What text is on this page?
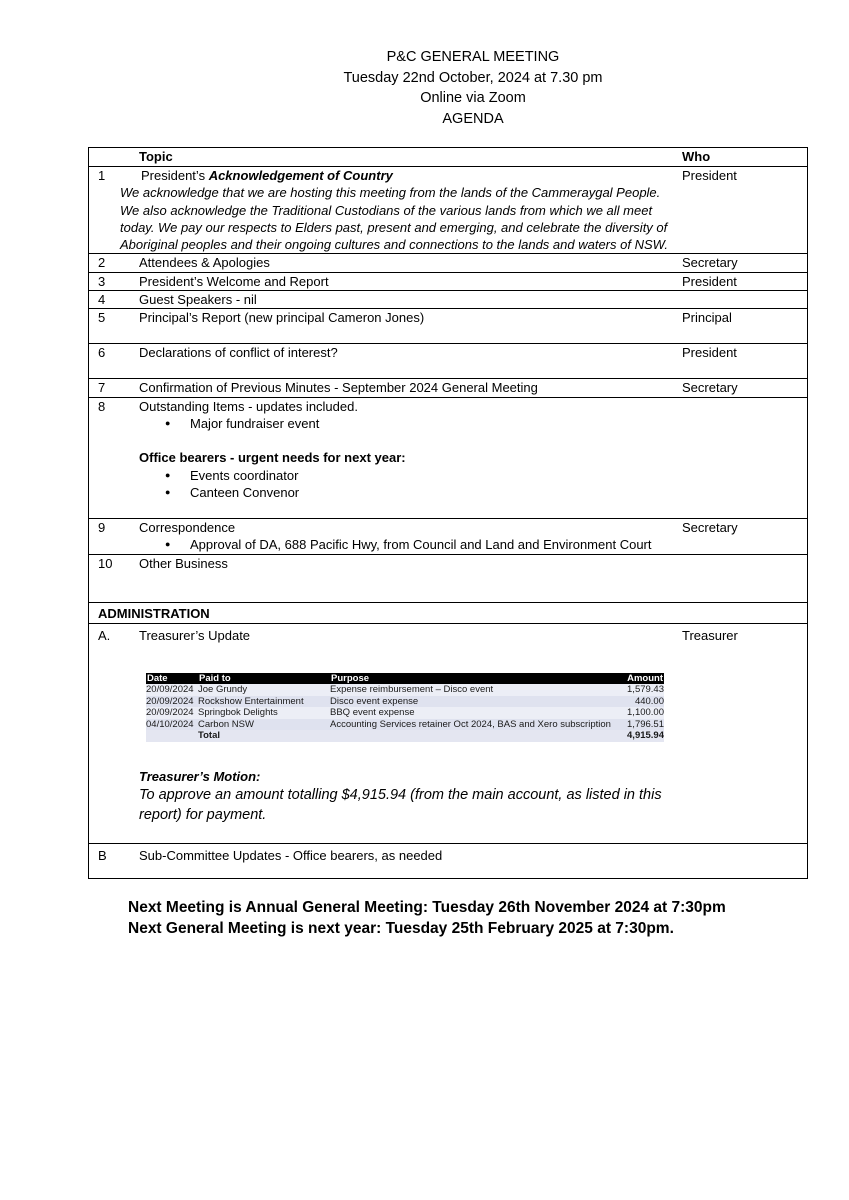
P&C GENERAL MEETING
Tuesday 22nd October, 2024 at 7.30 pm
Online via Zoom
AGENDA
	Topic	Who
1	President’s Acknowledgement of Country
We acknowledge that we are hosting this meeting from the lands of the Cammeraygal People.
We also acknowledge the Traditional Custodians of the various lands from which we all meet
today. We pay our respects to Elders past, present and emerging, and celebrate the diversity of
Aboriginal peoples and their ongoing cultures and connections to the lands and waters of NSW.
	President
2	Attendees & Apologies	Secretary
3	President’s Welcome and Report	President
4	Guest Speakers - nil	
5	Principal’s Report (new principal Cameron Jones)	Principal
6	Declarations of conflict of interest?	President
7	Confirmation of Previous Minutes - September 2024 General Meeting	Secretary
8	Outstanding Items - updates included.
● Major fundraiser event
Office bearers - urgent needs for next year:
● Events coordinator
● Canteen Convenor

9	Correspondence
● Approval of DA, 688 Pacific Hwy, from Council and Land and Environment Court
	Secretary
10	Other Business	
ADMINISTRATION
A.	Treasurer’s Update
Date	Paid to	Purpose	Amount
20/09/2024	Joe Grundy	Expense reimbursement – Disco event	1,579.43
20/09/2024	Rockshow Entertainment	Disco event expense	440.00
20/09/2024	Springbok Delights	BBQ event expense	1,100.00
04/10/2024	Carbon NSW	Accounting Services retainer Oct 2024, BAS and Xero subscription	1,796.51
	Total		4,915.94
Treasurer’s Motion:
To approve an amount totalling $4,915.94 (from the main account, as listed in this
report) for payment.
	Treasurer
B	Sub-Committee Updates - Office bearers, as needed	
Next Meeting is Annual General Meeting: Tuesday 26th November 2024 at 7:30pm
Next General Meeting is next year: Tuesday 25th February 2025 at 7:30pm.
